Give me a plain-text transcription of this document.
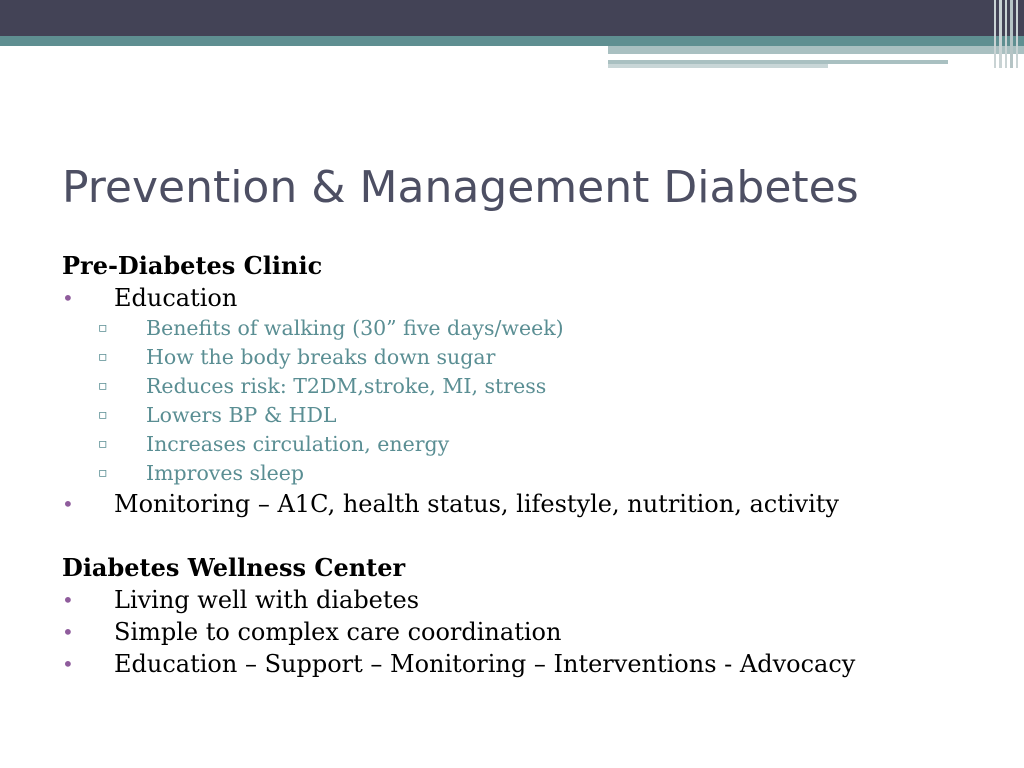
Prevention & Management Diabetes
Pre-Diabetes Clinic
• Education
▫ Benefits of walking (30” five days/week)
▫ How the body breaks down sugar
▫ Reduces risk: T2DM,stroke, MI, stress
▫ Lowers BP & HDL
▫ Increases circulation, energy
▫ Improves sleep
• Monitoring – A1C, health status, lifestyle, nutrition, activity
Diabetes Wellness Center
• Living well with diabetes
• Simple to complex care coordination
• Education – Support – Monitoring – Interventions - Advocacy
